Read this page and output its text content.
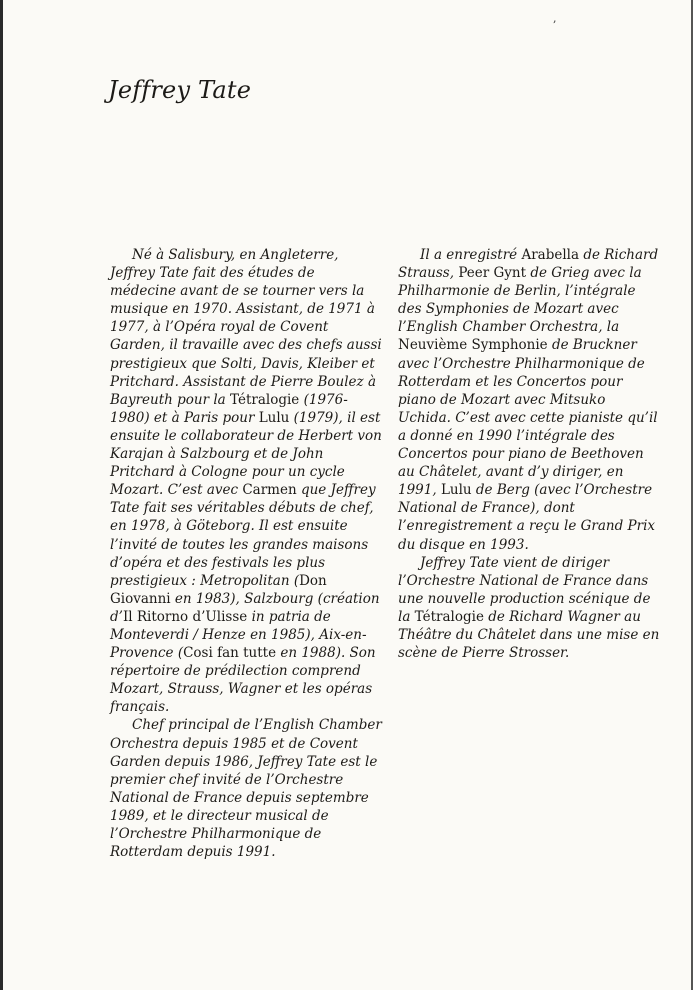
,
Jeffrey Tate

Né à Salisbury, en Angleterre, Jeffrey Tate fait des études de médecine avant de se tourner vers la musique en 1970. Assistant, de 1971 à 1977, à l’Opéra royal de Covent Garden, il travaille avec des chefs aussi prestigieux que Solti, Davis, Kleiber et Pritchard. Assistant de Pierre Boulez à Bayreuth pour la Tétralogie (1976-1980) et à Paris pour Lulu (1979), il est ensuite le collaborateur de Herbert von Karajan à Salzbourg et de John Pritchard à Cologne pour un cycle Mozart. C’est avec Carmen que Jeffrey Tate fait ses véritables débuts de chef, en 1978, à Göteborg. Il est ensuite l’invité de toutes les grandes maisons d’opéra et des festivals les plus prestigieux : Metropolitan (Don Giovanni en 1983), Salzbourg (création d’Il Ritorno d’Ulisse in patria de Monteverdi / Henze en 1985), Aix-en-Provence (Cosi fan tutte en 1988). Son répertoire de prédilection comprend Mozart, Strauss, Wagner et les opéras français.

Chef principal de l’English Chamber Orchestra depuis 1985 et de Covent Garden depuis 1986, Jeffrey Tate est le premier chef invité de l’Orchestre National de France depuis septembre 1989, et le directeur musical de l’Orchestre Philharmonique de Rotterdam depuis 1991.

Il a enregistré Arabella de Richard Strauss, Peer Gynt de Grieg avec la Philharmonie de Berlin, l’intégrale des Symphonies de Mozart avec l’English Chamber Orchestra, la Neuvième Symphonie de Bruckner avec l’Orchestre Philharmonique de Rotterdam et les Concertos pour piano de Mozart avec Mitsuko Uchida. C’est avec cette pianiste qu’il a donné en 1990 l’intégrale des Concertos pour piano de Beethoven au Châtelet, avant d’y diriger, en 1991, Lulu de Berg (avec l’Orchestre National de France), dont l’enregistrement a reçu le Grand Prix du disque en 1993.

Jeffrey Tate vient de diriger l’Orchestre National de France dans une nouvelle production scénique de la Tétralogie de Richard Wagner au Théâtre du Châtelet dans une mise en scène de Pierre Strosser.
